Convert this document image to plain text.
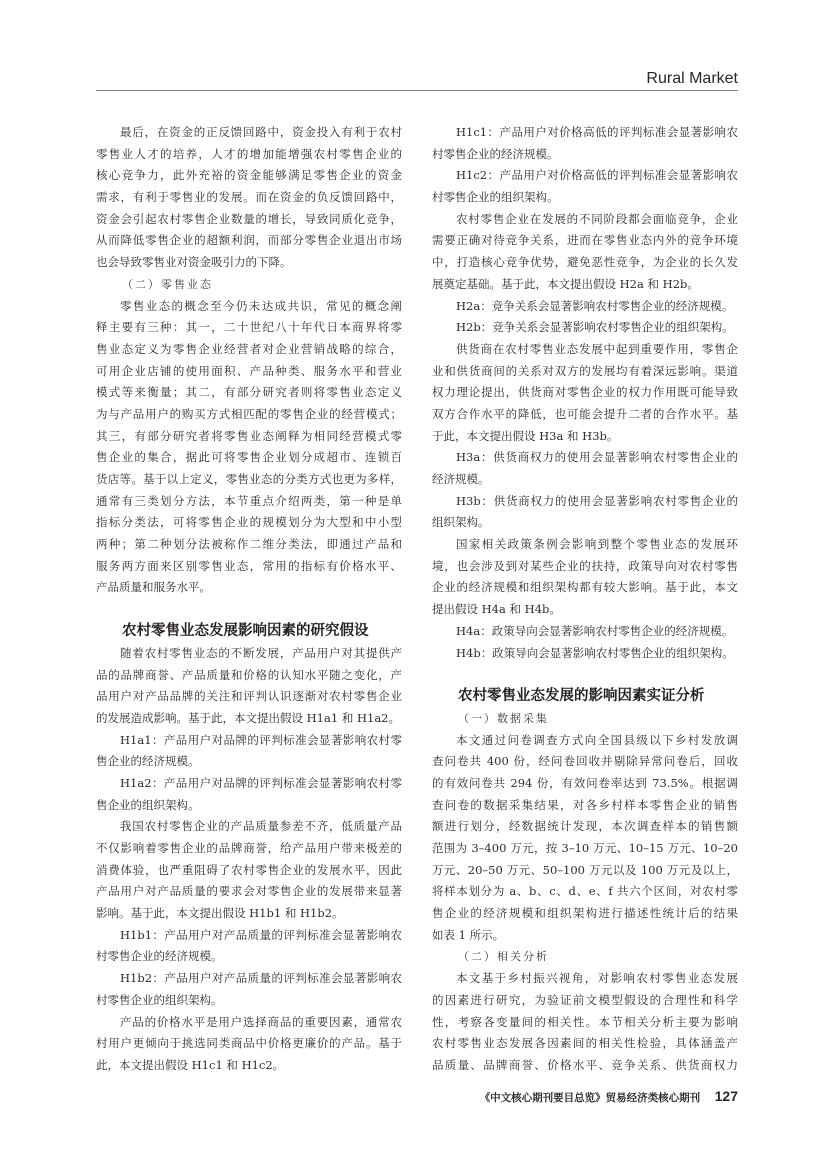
Rural Market
最后，在资金的正反馈回路中，资金投入有利于农村
零售业人才的培养，人才的增加能增强农村零售企业的
核心竞争力，此外充裕的资金能够满足零售企业的资金
需求，有利于零售业的发展。而在资金的负反馈回路中，
资金会引起农村零售企业数量的增长，导致同质化竞争，
从而降低零售企业的超额利润，而部分零售企业退出市场
也会导致零售业对资金吸引力的下降。
（二）零售业态
零售业态的概念至今仍未达成共识，常见的概念阐
释主要有三种：其一，二十世纪八十年代日本商界将零
售业态定义为零售企业经营者对企业营销战略的综合，
可用企业店铺的使用面积、产品种类、服务水平和营业
模式等来衡量；其二，有部分研究者则将零售业态定义
为与产品用户的购买方式相匹配的零售企业的经营模式；
其三，有部分研究者将零售业态阐释为相同经营模式零
售企业的集合，据此可将零售企业划分成超市、连锁百
货店等。基于以上定义，零售业态的分类方式也更为多样，
通常有三类划分方法，本节重点介绍两类，第一种是单
指标分类法，可将零售企业的规模划分为大型和中小型
两种；第二种划分法被称作二维分类法，即通过产品和
服务两方面来区别零售业态，常用的指标有价格水平、
产品质量和服务水平。
农村零售业态发展影响因素的研究假设
随着农村零售业态的不断发展，产品用户对其提供产
品的品牌商誉、产品质量和价格的认知水平随之变化，产
品用户对产品品牌的关注和评判认识逐渐对农村零售企业
的发展造成影响。基于此，本文提出假设 H1a1 和 H1a2。
H1a1：产品用户对品牌的评判标准会显著影响农村零
售企业的经济规模。
H1a2：产品用户对品牌的评判标准会显著影响农村零
售企业的组织架构。
我国农村零售企业的产品质量参差不齐，低质量产品
不仅影响着零售企业的品牌商誉，给产品用户带来极差的
消费体验，也严重阻碍了农村零售企业的发展水平，因此
产品用户对产品质量的要求会对零售企业的发展带来显著
影响。基于此，本文提出假设 H1b1 和 H1b2。
H1b1：产品用户对产品质量的评判标准会显著影响农
村零售企业的经济规模。
H1b2：产品用户对产品质量的评判标准会显著影响农
村零售企业的组织架构。
产品的价格水平是用户选择商品的重要因素，通常农
村用户更倾向于挑选同类商品中价格更廉价的产品。基于
此，本文提出假设 H1c1 和 H1c2。
H1c1：产品用户对价格高低的评判标准会显著影响农
村零售企业的经济规模。
H1c2：产品用户对价格高低的评判标准会显著影响农
村零售企业的组织架构。
农村零售企业在发展的不同阶段都会面临竞争，企业
需要正确对待竞争关系，进而在零售业态内外的竞争环境
中，打造核心竞争优势，避免恶性竞争，为企业的长久发
展奠定基础。基于此，本文提出假设 H2a 和 H2b。
H2a：竞争关系会显著影响农村零售企业的经济规模。
H2b：竞争关系会显著影响农村零售企业的组织架构。
供货商在农村零售业态发展中起到重要作用，零售企
业和供货商间的关系对双方的发展均有着深远影响。渠道
权力理论提出，供货商对零售企业的权力作用既可能导致
双方合作水平的降低，也可能会提升二者的合作水平。基
于此，本文提出假设 H3a 和 H3b。
H3a：供货商权力的使用会显著影响农村零售企业的
经济规模。
H3b：供货商权力的使用会显著影响农村零售企业的
组织架构。
国家相关政策条例会影响到整个零售业态的发展环
境，也会涉及到对某些企业的扶持，政策导向对农村零售
企业的经济规模和组织架构都有较大影响。基于此，本文
提出假设 H4a 和 H4b。
H4a：政策导向会显著影响农村零售企业的经济规模。
H4b：政策导向会显著影响农村零售企业的组织架构。
农村零售业态发展的影响因素实证分析
（一）数据采集
本文通过问卷调查方式向全国县级以下乡村发放调
查问卷共 400 份，经问卷回收并剔除异常问卷后，回收
的有效问卷共 294 份，有效问卷率达到 73.5%。根据调
查问卷的数据采集结果，对各乡村样本零售企业的销售
额进行划分，经数据统计发现，本次调查样本的销售额
范围为 3–400 万元，按 3–10 万元、10–15 万元、10–20
万元、20–50 万元、50–100 万元以及 100 万元及以上，
将样本划分为 a、b、c、d、e、f 共六个区间，对农村零
售企业的经济规模和组织架构进行描述性统计后的结果
如表 1 所示。
（二）相关分析
本文基于乡村振兴视角，对影响农村零售业态发展
的因素进行研究，为验证前文模型假设的合理性和科学
性，考察各变量间的相关性。本节相关分析主要为影响
农村零售业态发展各因素间的相关性检验，具体涵盖产
品质量、品牌商誉、价格水平、竞争关系、供货商权力
《中文核心期刊要目总览》贸易经济类核心期刊 127
